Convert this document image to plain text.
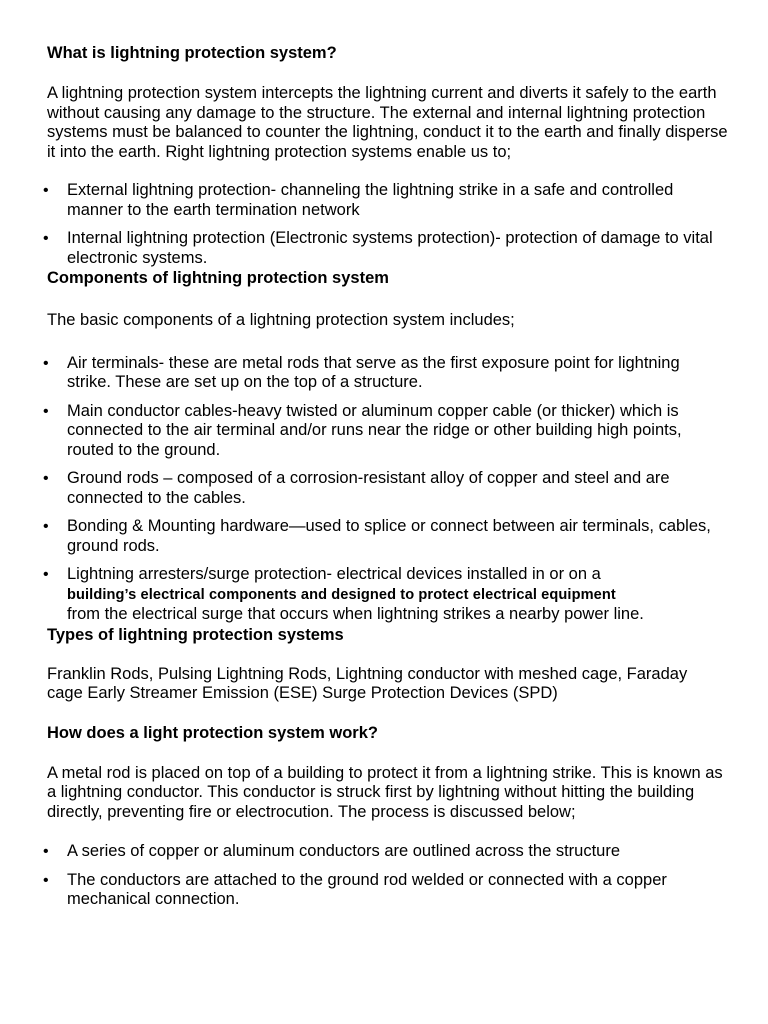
What is lightning protection system?

A lightning protection system intercepts the lightning current and diverts it safely to the earth without causing any damage to the structure. The external and internal lightning protection systems must be balanced to counter the lightning, conduct it to the earth and finally disperse it into the earth. Right lightning protection systems enable us to;

• External lightning protection- channeling the lightning strike in a safe and controlled manner to the earth termination network
• Internal lightning protection (Electronic systems protection)- protection of damage to vital electronic systems.
Components of lightning protection system

The basic components of a lightning protection system includes;

• Air terminals- these are metal rods that serve as the first exposure point for lightning strike. These are set up on the top of a structure.
• Main conductor cables-heavy twisted or aluminum copper cable (or thicker) which is connected to the air terminal and/or runs near the ridge or other building high points, routed to the ground.
• Ground rods – composed of a corrosion-resistant alloy of copper and steel and are connected to the cables.
• Bonding & Mounting hardware—used to splice or connect between air terminals, cables, ground rods.
• Lightning arresters/surge protection- electrical devices installed in or on a
building’s electrical components and designed to protect electrical equipment
from the electrical surge that occurs when lightning strikes a nearby power line.
Types of lightning protection systems

Franklin Rods, Pulsing Lightning Rods, Lightning conductor with meshed cage, Faraday cage Early Streamer Emission (ESE) Surge Protection Devices (SPD)

How does a light protection system work?

A metal rod is placed on top of a building to protect it from a lightning strike. This is known as a lightning conductor. This conductor is struck first by lightning without hitting the building directly, preventing fire or electrocution. The process is discussed below;

• A series of copper or aluminum conductors are outlined across the structure
• The conductors are attached to the ground rod welded or connected with a copper mechanical connection.
